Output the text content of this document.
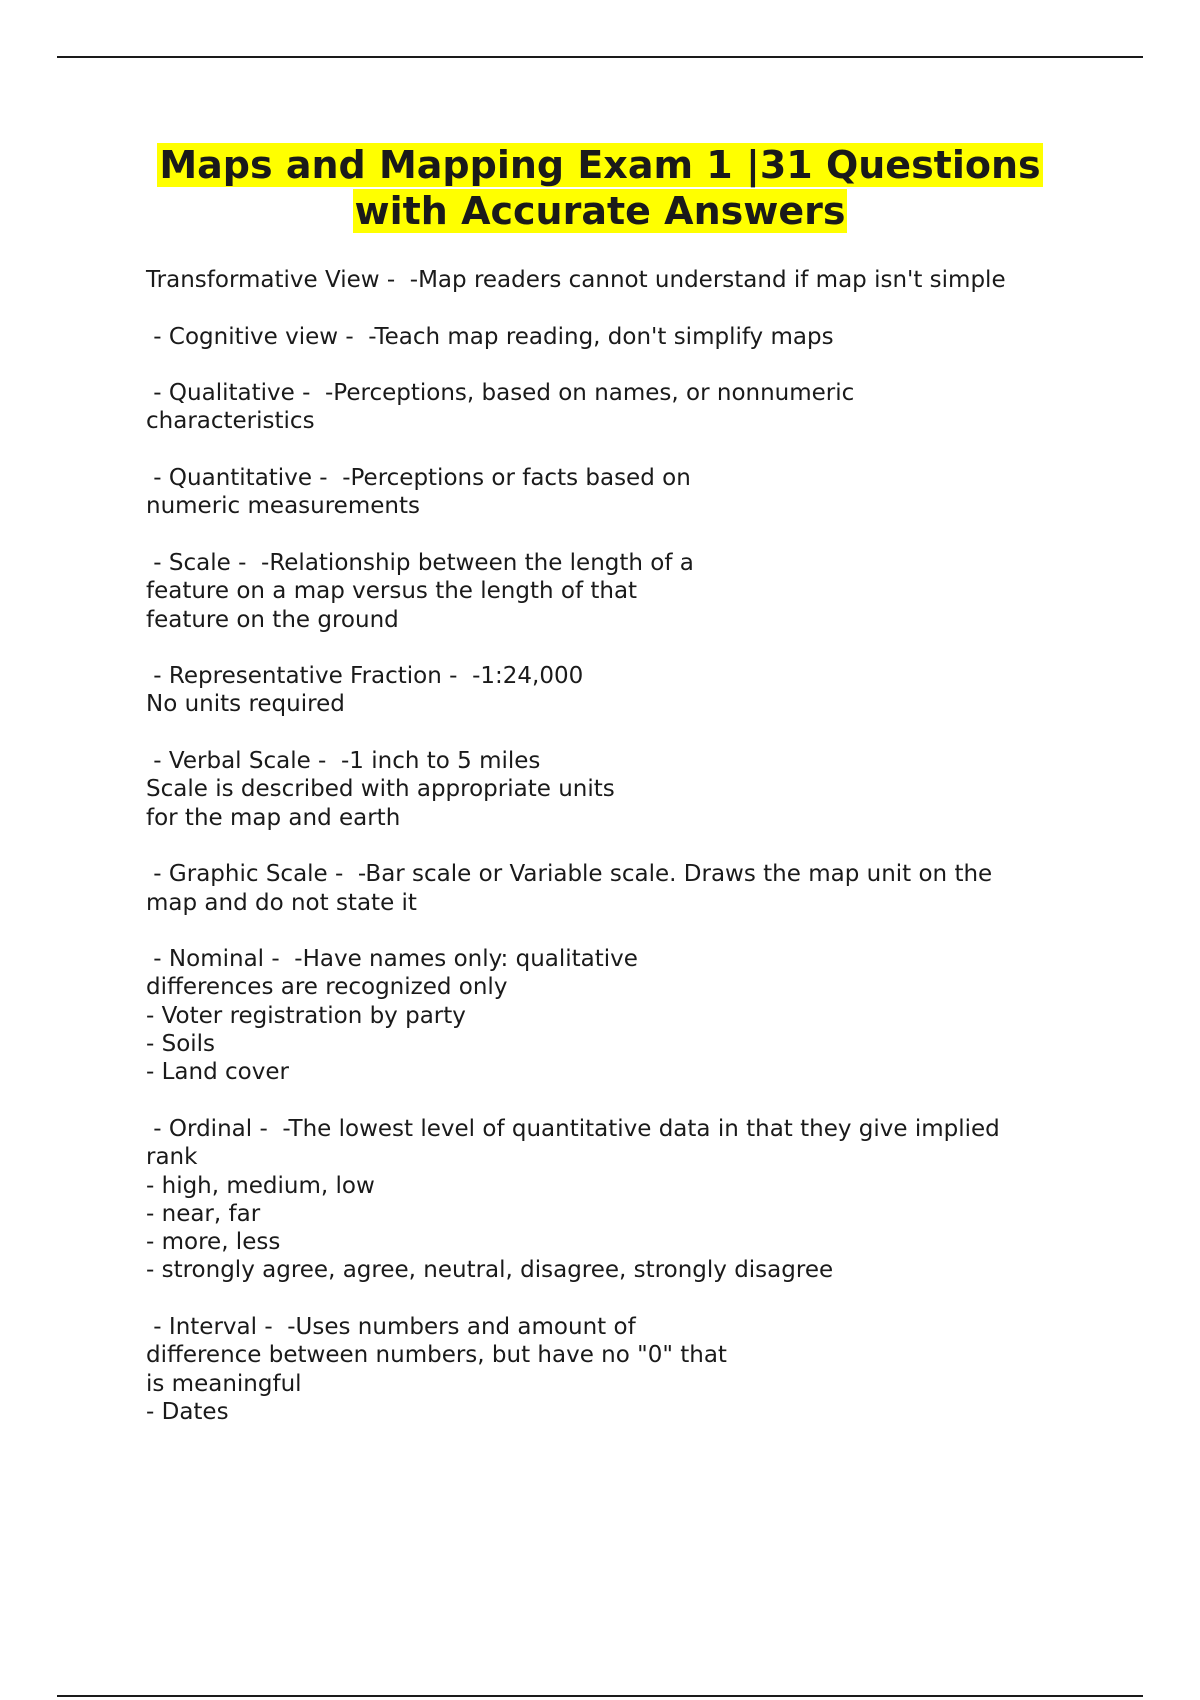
Maps and Mapping Exam 1 |31 Questions
with Accurate Answers
Transformative View -  -Map readers cannot understand if map isn't simple
- Cognitive view -  -Teach map reading, don't simplify maps
- Qualitative -  -Perceptions, based on names, or nonnumeric
characteristics
- Quantitative -  -Perceptions or facts based on
numeric measurements
- Scale -  -Relationship between the length of a
feature on a map versus the length of that
feature on the ground
- Representative Fraction -  -1:24,000
No units required
- Verbal Scale -  -1 inch to 5 miles
Scale is described with appropriate units
for the map and earth
- Graphic Scale -  -Bar scale or Variable scale. Draws the map unit on the
map and do not state it
- Nominal -  -Have names only: qualitative
differences are recognized only
- Voter registration by party
- Soils
- Land cover
- Ordinal -  -The lowest level of quantitative data in that they give implied
rank
- high, medium, low
- near, far
- more, less
- strongly agree, agree, neutral, disagree, strongly disagree
- Interval -  -Uses numbers and amount of
difference between numbers, but have no "0" that
is meaningful
- Dates
